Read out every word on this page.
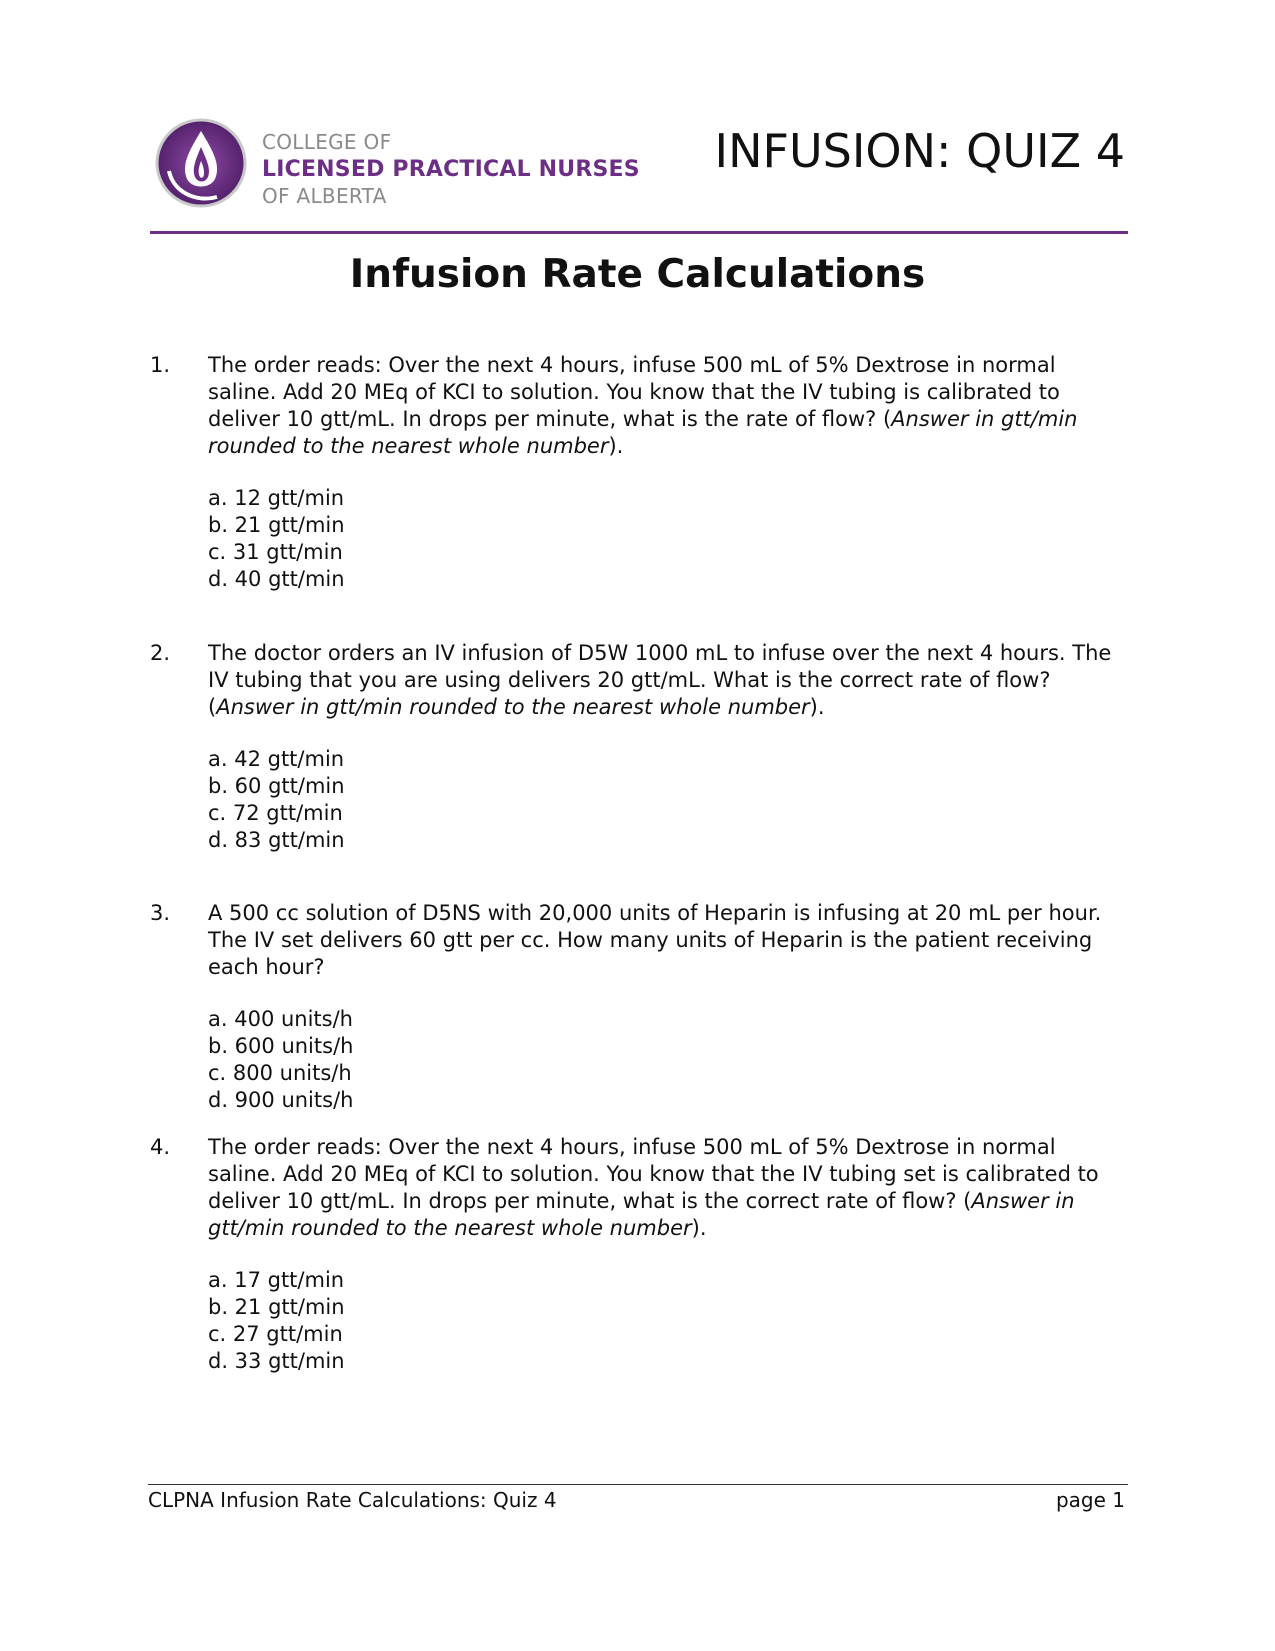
COLLEGE OF
LICENSED PRACTICAL NURSES
OF ALBERTA
INFUSION: QUIZ 4
Infusion Rate Calculations
1. The order reads: Over the next 4 hours, infuse 500 mL of 5% Dextrose in normal saline. Add 20 MEq of KCI to solution. You know that the IV tubing is calibrated to deliver 10 gtt/mL. In drops per minute, what is the rate of flow? (Answer in gtt/min rounded to the nearest whole number).

a. 12 gtt/min
b. 21 gtt/min
c. 31 gtt/min
d. 40 gtt/min
2. The doctor orders an IV infusion of D5W 1000 mL to infuse over the next 4 hours. The IV tubing that you are using delivers 20 gtt/mL. What is the correct rate of flow? (Answer in gtt/min rounded to the nearest whole number).

a. 42 gtt/min
b. 60 gtt/min
c. 72 gtt/min
d. 83 gtt/min
3. A 500 cc solution of D5NS with 20,000 units of Heparin is infusing at 20 mL per hour. The IV set delivers 60 gtt per cc. How many units of Heparin is the patient receiving each hour?

a. 400 units/h
b. 600 units/h
c. 800 units/h
d. 900 units/h
4. The order reads: Over the next 4 hours, infuse 500 mL of 5% Dextrose in normal saline. Add 20 MEq of KCI to solution. You know that the IV tubing set is calibrated to deliver 10 gtt/mL. In drops per minute, what is the correct rate of flow? (Answer in gtt/min rounded to the nearest whole number).

a. 17 gtt/min
b. 21 gtt/min
c. 27 gtt/min
d. 33 gtt/min
CLPNA Infusion Rate Calculations: Quiz 4	page 1
